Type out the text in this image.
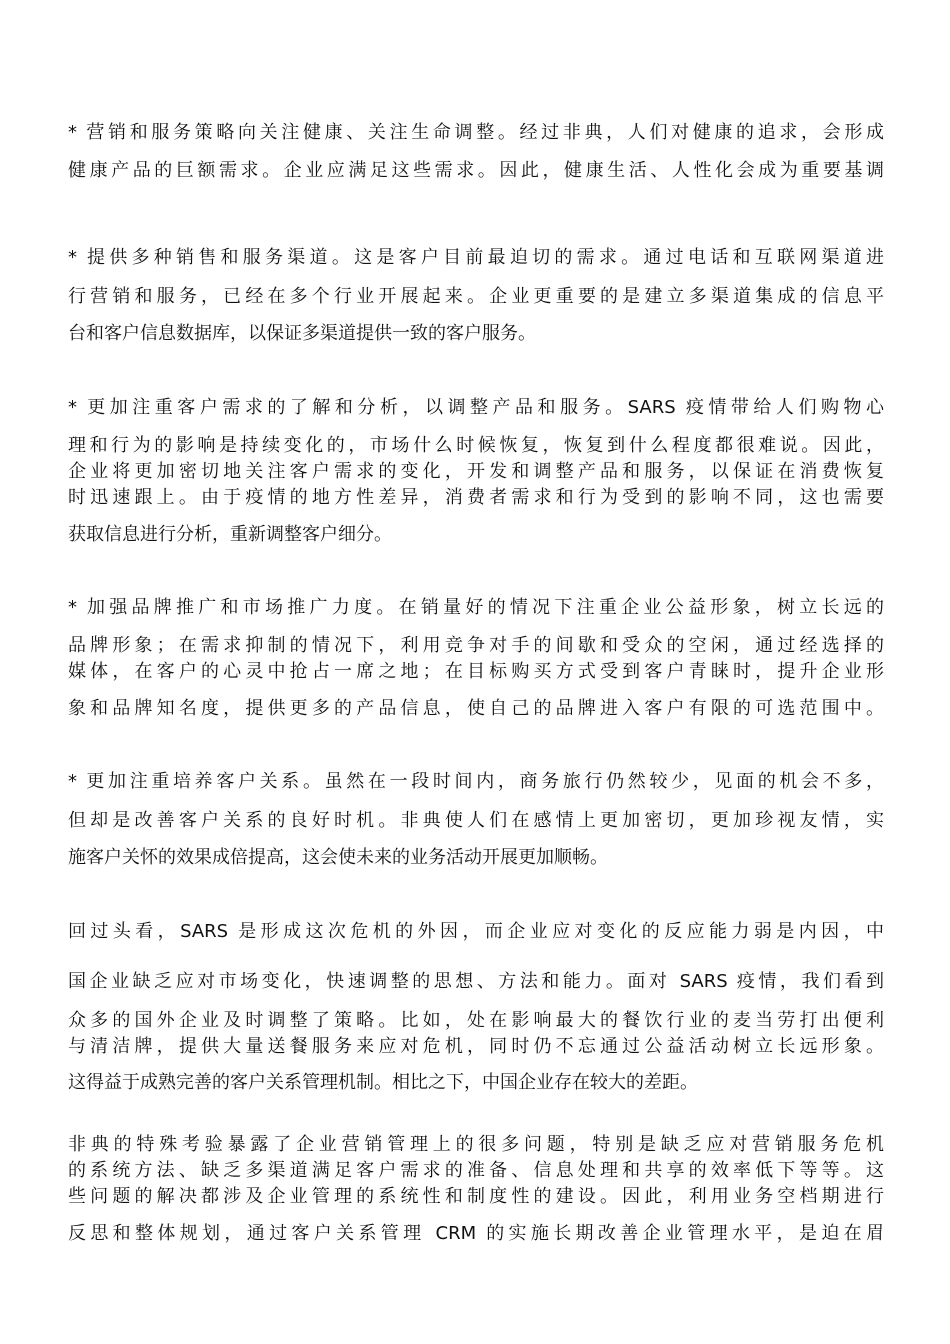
* 营销和服务策略向关注健康、关注生命调整。经过非典，人们对健康的追求，会形成
健康产品的巨额需求。企业应满足这些需求。因此，健康生活、人性化会成为重要基调
* 提供多种销售和服务渠道。这是客户目前最迫切的需求。通过电话和互联网渠道进
行营销和服务，已经在多个行业开展起来。企业更重要的是建立多渠道集成的信息平
台和客户信息数据库，以保证多渠道提供一致的客户服务。
* 更加注重客户需求的了解和分析，以调整产品和服务。SARS 疫情带给人们购物心
理和行为的影响是持续变化的，市场什么时候恢复，恢复到什么程度都很难说。因此，
企业将更加密切地关注客户需求的变化，开发和调整产品和服务，以保证在消费恢复
时迅速跟上。由于疫情的地方性差异，消费者需求和行为受到的影响不同，这也需要
获取信息进行分析，重新调整客户细分。
* 加强品牌推广和市场推广力度。在销量好的情况下注重企业公益形象，树立长远的
品牌形象；在需求抑制的情况下，利用竞争对手的间歇和受众的空闲，通过经选择的
媒体，在客户的心灵中抢占一席之地；在目标购买方式受到客户青睐时，提升企业形
象和品牌知名度，提供更多的产品信息，使自己的品牌进入客户有限的可选范围中。
* 更加注重培养客户关系。虽然在一段时间内，商务旅行仍然较少，见面的机会不多，
但却是改善客户关系的良好时机。非典使人们在感情上更加密切，更加珍视友情，实
施客户关怀的效果成倍提高，这会使未来的业务活动开展更加顺畅。
回过头看，SARS 是形成这次危机的外因，而企业应对变化的反应能力弱是内因，中
国企业缺乏应对市场变化，快速调整的思想、方法和能力。面对 SARS 疫情，我们看到
众多的国外企业及时调整了策略。比如，处在影响最大的餐饮行业的麦当劳打出便利
与清洁牌，提供大量送餐服务来应对危机，同时仍不忘通过公益活动树立长远形象。
这得益于成熟完善的客户关系管理机制。相比之下，中国企业存在较大的差距。
非典的特殊考验暴露了企业营销管理上的很多问题，特别是缺乏应对营销服务危机
的系统方法、缺乏多渠道满足客户需求的准备、信息处理和共享的效率低下等等。这
些问题的解决都涉及企业管理的系统性和制度性的建设。因此，利用业务空档期进行
反思和整体规划，通过客户关系管理 CRM 的实施长期改善企业管理水平，是迫在眉
